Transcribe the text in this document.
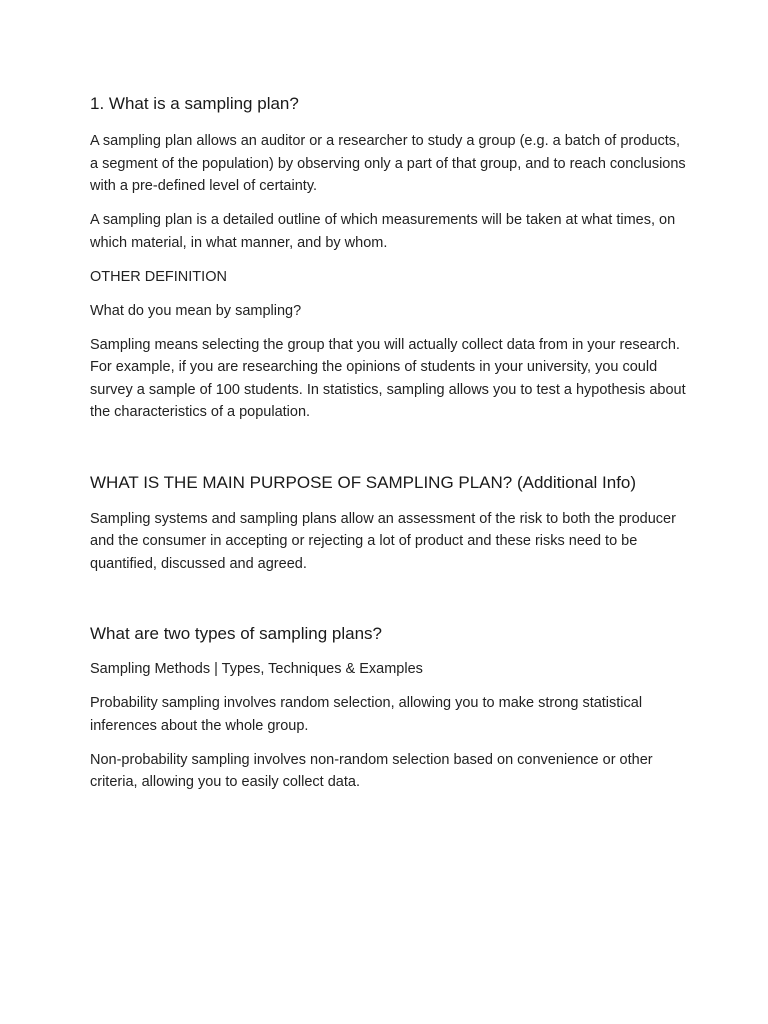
1. What is a sampling plan?

A sampling plan allows an auditor or a researcher to study a group (e.g. a batch of products, a segment of the population) by observing only a part of that group, and to reach conclusions with a pre-defined level of certainty.

A sampling plan is a detailed outline of which measurements will be taken at what times, on which material, in what manner, and by whom.

OTHER DEFINITION

What do you mean by sampling?

Sampling means selecting the group that you will actually collect data from in your research. For example, if you are researching the opinions of students in your university, you could survey a sample of 100 students. In statistics, sampling allows you to test a hypothesis about the characteristics of a population.

WHAT IS THE MAIN PURPOSE OF SAMPLING PLAN? (Additional Info)

Sampling systems and sampling plans allow an assessment of the risk to both the producer and the consumer in accepting or rejecting a lot of product and these risks need to be quantified, discussed and agreed.

What are two types of sampling plans?

Sampling Methods | Types, Techniques & Examples

Probability sampling involves random selection, allowing you to make strong statistical inferences about the whole group.

Non-probability sampling involves non-random selection based on convenience or other criteria, allowing you to easily collect data.
